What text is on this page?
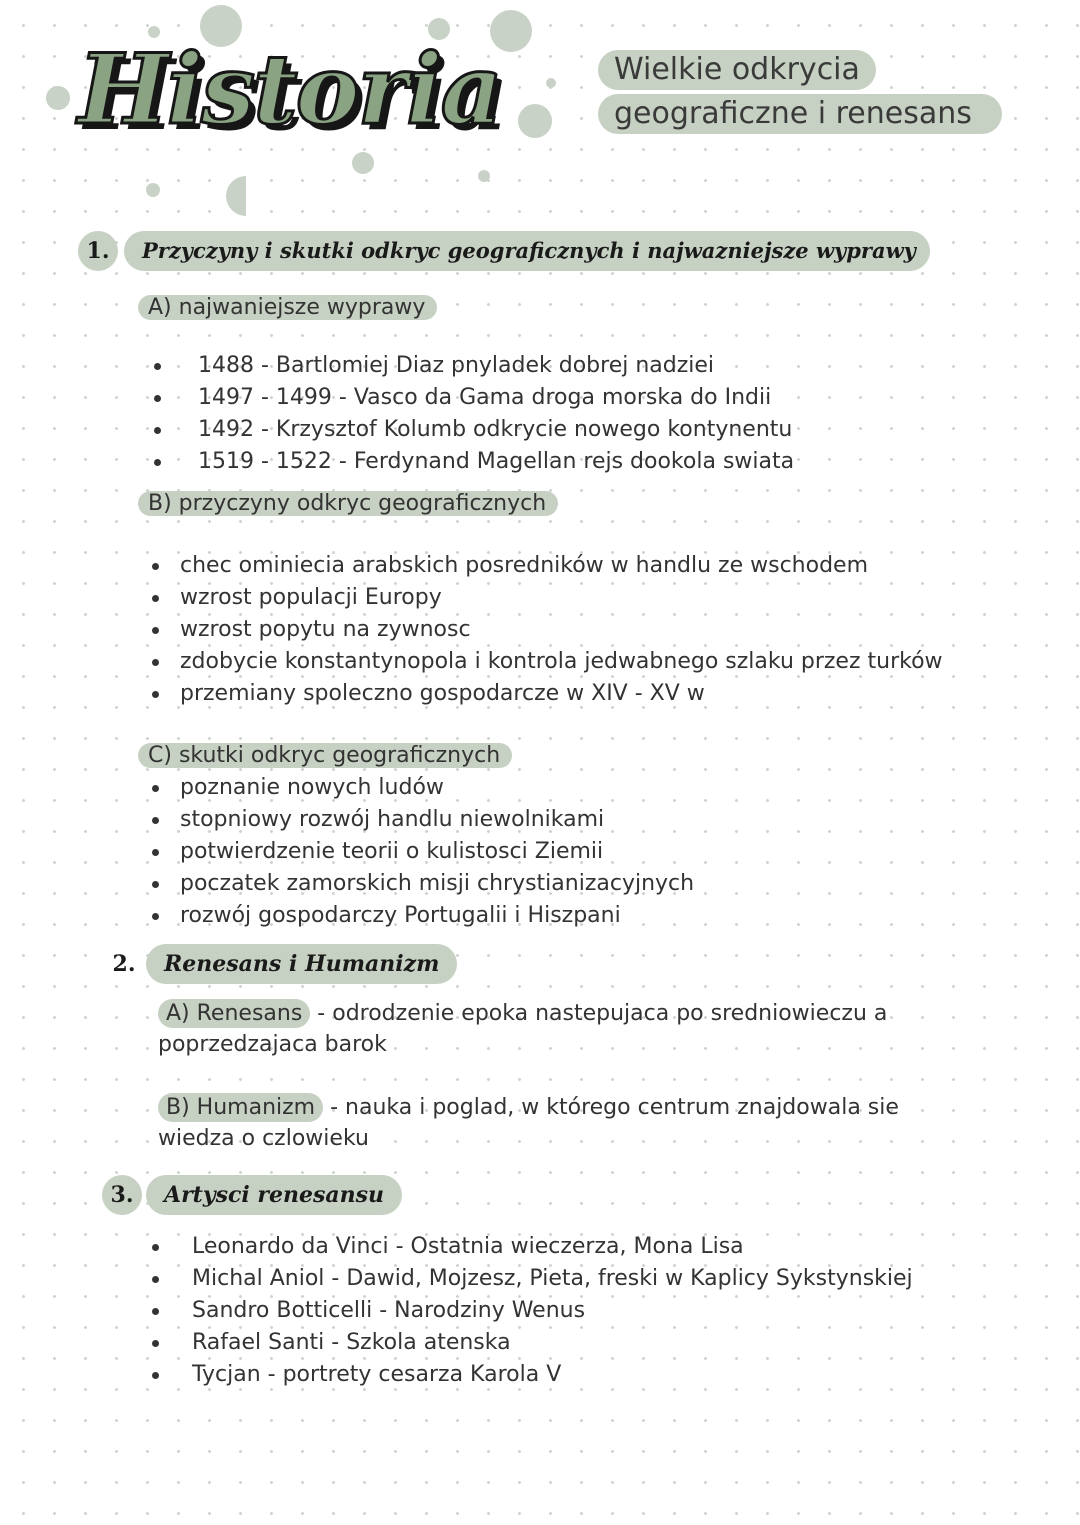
Historia	Wielkie odkrycia
geograficzne i renesans
1.	Przyczyny i skutki odkryc geograficznych i najwazniejsze wyprawy
A) najwaniejsze wyprawy
1488 - Bartlomiej Diaz pnyladek dobrej nadziei
1497 - 1499 - Vasco da Gama droga morska do Indii
1492 - Krzysztof Kolumb odkrycie nowego kontynentu
1519 - 1522 - Ferdynand Magellan rejs dookola swiata
B) przyczyny odkryc geograficznych
chec ominiecia arabskich posredników w handlu ze wschodem
wzrost populacji Europy
wzrost popytu na zywnosc
zdobycie konstantynopola i kontrola jedwabnego szlaku przez turków
przemiany spoleczno gospodarcze w XIV - XV w
C) skutki odkryc geograficznych
poznanie nowych ludów
stopniowy rozwój handlu niewolnikami
potwierdzenie teorii o kulistosci Ziemii
poczatek zamorskich misji chrystianizacyjnych
rozwój gospodarczy Portugalii i Hiszpani
2.	Renesans i Humanizm
A) Renesans - odrodzenie epoka nastepujaca po sredniowieczu a poprzedzajaca barok
B) Humanizm - nauka i poglad, w którego centrum znajdowala sie wiedza o czlowieku
3.	Artysci renesansu
Leonardo da Vinci - Ostatnia wieczerza, Mona Lisa
Michal Aniol - Dawid, Mojzesz, Pieta, freski w Kaplicy Sykstynskiej
Sandro Botticelli - Narodziny Wenus
Rafael Santi - Szkola atenska
Tycjan - portrety cesarza Karola V
